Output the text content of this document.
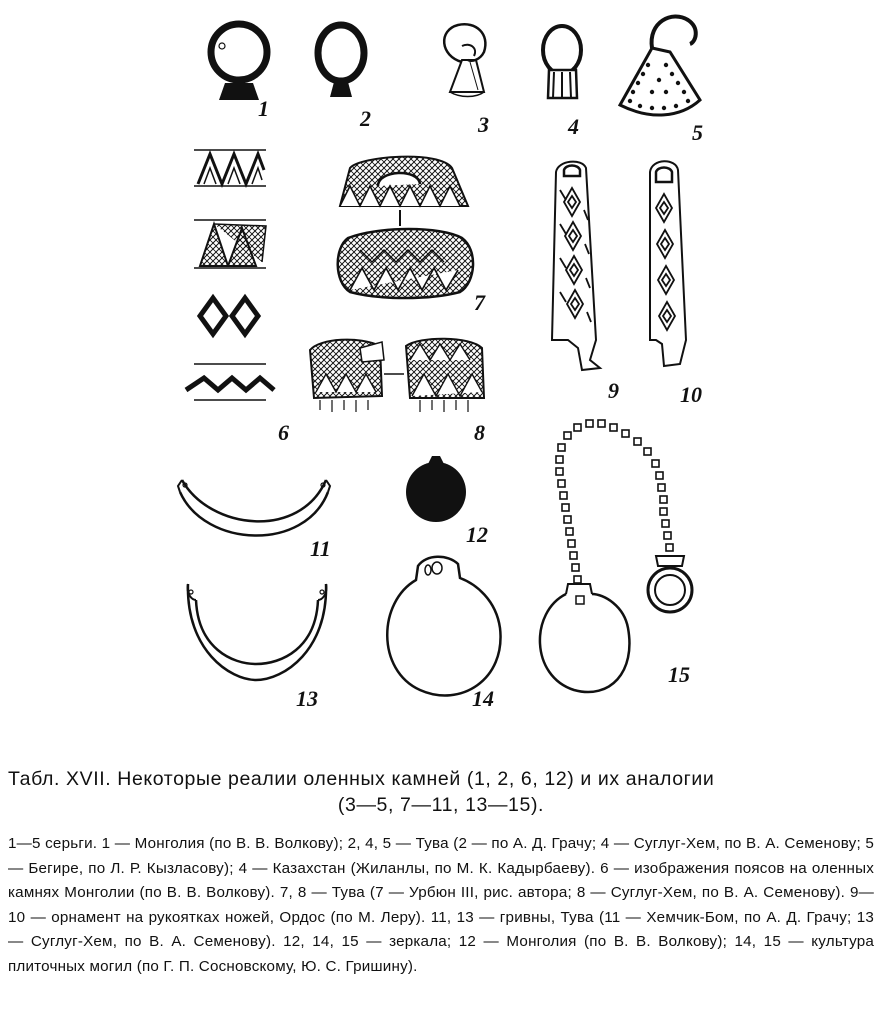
1	2	3	4	5
6
7
8
9	10
11
12
13	14
15
Табл. XVII. Некоторые реалии оленных камней (1, 2, 6, 12) и их аналогии
(3—5, 7—11, 13—15).
1—5 серьги. 1 — Монголия (по В. В. Волкову); 2, 4, 5 — Тува (2 — по А. Д. Грачу; 4 — Суглуг-Хем, по В. А. Семенову; 5 — Бегире, по Л. Р. Кызласову); 4 — Казахстан (Жиланлы, по М. К. Кадырбаеву). 6 — изображения поясов на оленных камнях Монголии (по В. В. Волкову). 7, 8 — Тува (7 — Урбюн III, рис. автора; 8 — Суглуг-Хем, по В. А. Семенову). 9—10 — орнамент на рукоятках ножей, Ордос (по М. Леру). 11, 13 — гривны, Тува (11 — Хемчик-Бом, по А. Д. Грачу; 13 — Суглуг-Хем, по В. А. Семеновy). 12, 14, 15 — зеркала; 12 — Монголия (по В. В. Волкову); 14, 15 — культура плиточных могил (по Г. П. Сосновскому, Ю. С. Гришину).
